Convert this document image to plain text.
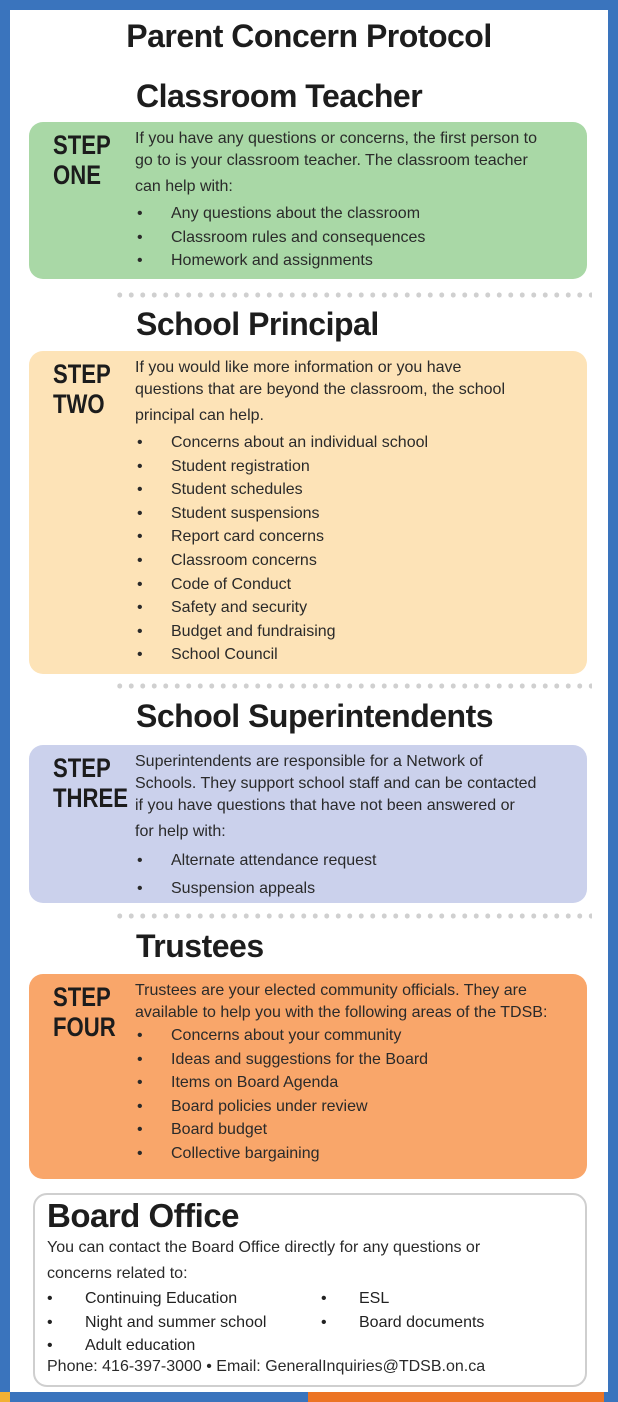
Parent Concern Protocol
Classroom Teacher
STEP
ONE
If you have any questions or concerns, the first person to
go to is your classroom teacher. The classroom teacher
can help with:
• Any questions about the classroom
• Classroom rules and consequences
• Homework and assignments
School Principal
STEP
TWO
If you would like more information or you have
questions that are beyond the classroom, the school
principal can help.
• Concerns about an individual school
• Student registration
• Student schedules
• Student suspensions
• Report card concerns
• Classroom concerns
• Code of Conduct
• Safety and security
• Budget and fundraising
• School Council
School Superintendents
STEP
THREE
Superintendents are responsible for a Network of
Schools. They support school staff and can be contacted
if you have questions that have not been answered or
for help with:
• Alternate attendance request
• Suspension appeals
Trustees
STEP
FOUR
Trustees are your elected community officials. They are
available to help you with the following areas of the TDSB:
• Concerns about your community
• Ideas and suggestions for the Board
• Items on Board Agenda
• Board policies under review
• Board budget
• Collective bargaining
Board Office
You can contact the Board Office directly for any questions or
concerns related to:
• Continuing Education
• Night and summer school
• Adult education
• ESL
• Board documents
Phone: 416-397-3000 • Email: GeneralInquiries@TDSB.on.ca
